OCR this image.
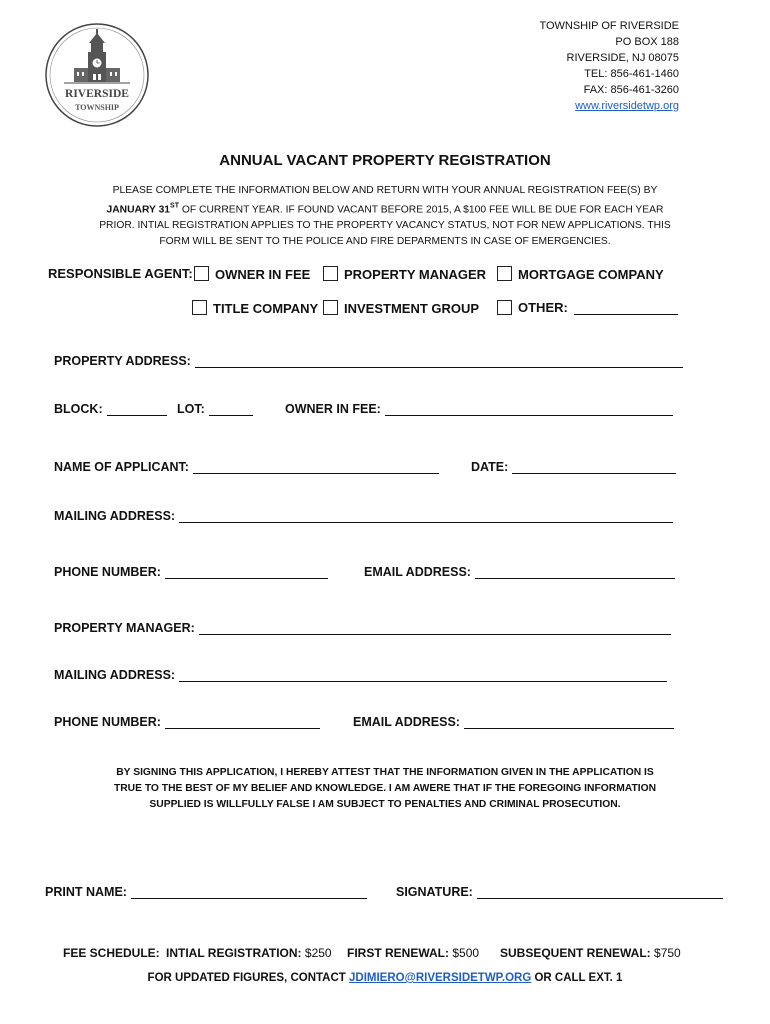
RIVERSIDE
TOWNSHIP
TOWNSHIP OF RIVERSIDE
PO BOX 188
RIVERSIDE, NJ 08075
TEL: 856-461-1460
FAX: 856-461-3260
www.riversidetwp.org
ANNUAL VACANT PROPERTY REGISTRATION
PLEASE COMPLETE THE INFORMATION BELOW AND RETURN WITH YOUR ANNUAL REGISTRATION FEE(S) BY
JANUARY 31ST OF CURRENT YEAR. IF FOUND VACANT BEFORE 2015, A $100 FEE WILL BE DUE FOR EACH YEAR
PRIOR. INTIAL REGISTRATION APPLIES TO THE PROPERTY VACANCY STATUS, NOT FOR NEW APPLICATIONS. THIS
FORM WILL BE SENT TO THE POLICE AND FIRE DEPARMENTS IN CASE OF EMERGENCIES.
RESPONSIBLE AGENT:	OWNER IN FEE	PROPERTY MANAGER	MORTGAGE COMPANY
TITLE COMPANY	INVESTMENT GROUP	OTHER:
PROPERTY ADDRESS:
BLOCK:	LOT:	OWNER IN FEE:
NAME OF APPLICANT:	DATE:
MAILING ADDRESS:
PHONE NUMBER:	EMAIL ADDRESS:
PROPERTY MANAGER:
MAILING ADDRESS:
PHONE NUMBER:	EMAIL ADDRESS:
BY SIGNING THIS APPLICATION, I HEREBY ATTEST THAT THE INFORMATION GIVEN IN THE APPLICATION IS
TRUE TO THE BEST OF MY BELIEF AND KNOWLEDGE. I AM AWERE THAT IF THE FOREGOING INFORMATION
SUPPLIED IS WILLFULLY FALSE I AM SUBJECT TO PENALTIES AND CRIMINAL PROSECUTION.
PRINT NAME:	SIGNATURE:
FEE SCHEDULE: INTIAL REGISTRATION: $250 FIRST RENEWAL: $500 SUBSEQUENT RENEWAL: $750
FOR UPDATED FIGURES, CONTACT JDIMIERO@RIVERSIDETWP.ORG OR CALL EXT. 1
